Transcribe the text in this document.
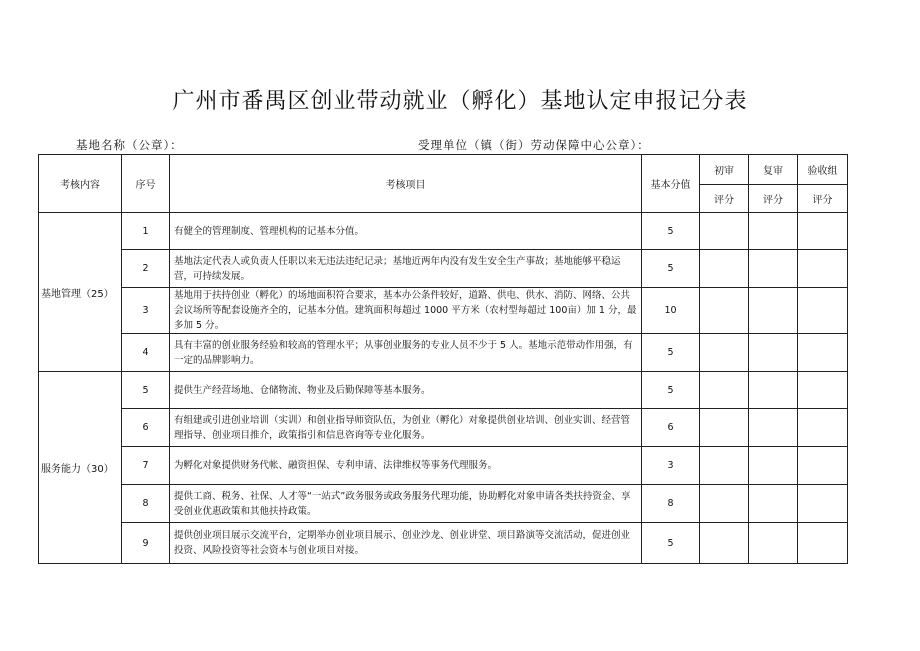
广州市番禺区创业带动就业（孵化）基地认定申报记分表
基地名称（公章）：	受理单位（镇（街）劳动保障中心公章）：
考核内容	序号	考核项目	基本分值	初审	复审	验收组
				评分	评分	评分
基地管理（25）	1	有健全的管理制度、管理机构的记基本分值。	5			
	2	基地法定代表人或负责人任职以来无违法违纪记录；基地近两年内没有发生安全生产事故；基地能够平稳运营，可持续发展。	5			
	3	基地用于扶持创业（孵化）的场地面积符合要求，基本办公条件较好，道路、供电、供水、消防、网络、公共会议场所等配套设施齐全的，记基本分值。建筑面积每超过 1000 平方米（农村型每超过 100亩）加 1 分，最多加 5 分。	10			
	4	具有丰富的创业服务经验和较高的管理水平；从事创业服务的专业人员不少于 5 人。基地示范带动作用强，有一定的品牌影响力。	5			
服务能力（30）	5	提供生产经营场地、仓储物流、物业及后勤保障等基本服务。	5			
	6	有组建或引进创业培训（实训）和创业指导师资队伍，为创业（孵化）对象提供创业培训、创业实训、经营管理指导、创业项目推介，政策指引和信息咨询等专业化服务。	6			
	7	为孵化对象提供财务代帐、融资担保、专利申请、法律维权等事务代理服务。	3			
	8	提供工商、税务、社保、人才等“一站式”政务服务或政务服务代理功能，协助孵化对象申请各类扶持资金、享受创业优惠政策和其他扶持政策。	8			
	9	提供创业项目展示交流平台，定期举办创业项目展示、创业沙龙、创业讲堂、项目路演等交流活动，促进创业投资、风险投资等社会资本与创业项目对接。	5			
